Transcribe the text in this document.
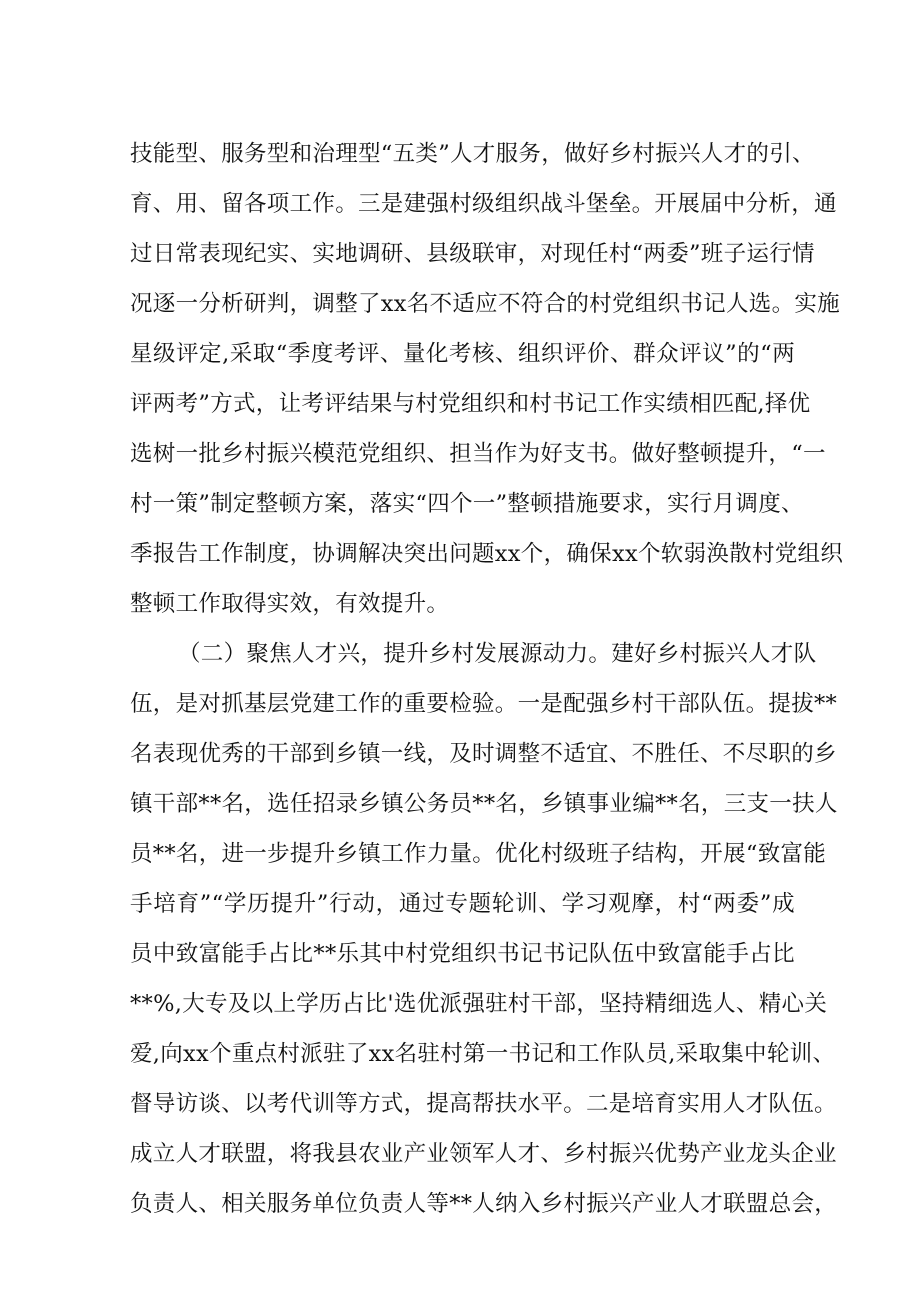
技能型、服务型和治理型“五类”人才服务，做好乡村振兴人才的引、
育、用、留各项工作。三是建强村级组织战斗堡垒。开展届中分析，通
过日常表现纪实、实地调研、县级联审，对现任村“两委”班子运行情
况逐一分析研判，调整了xx名不适应不符合的村党组织书记人选。实施
星级评定,采取“季度考评、量化考核、组织评价、群众评议”的“两
评两考”方式，让考评结果与村党组织和村书记工作实绩相匹配,择优
选树一批乡村振兴模范党组织、担当作为好支书。做好整顿提升，“一
村一策”制定整顿方案，落实“四个一”整顿措施要求，实行月调度、
季报告工作制度，协调解决突出问题xx个，确保xx个软弱涣散村党组织
整顿工作取得实效，有效提升。
（二）聚焦人才兴，提升乡村发展源动力。建好乡村振兴人才队
伍，是对抓基层党建工作的重要检验。一是配强乡村干部队伍。提拔**
名表现优秀的干部到乡镇一线，及时调整不适宜、不胜任、不尽职的乡
镇干部**名，选任招录乡镇公务员**名，乡镇事业编**名，三支一扶人
员**名，进一步提升乡镇工作力量。优化村级班子结构，开展“致富能
手培育”“学历提升”行动，通过专题轮训、学习观摩，村“两委”成
员中致富能手占比**乐其中村党组织书记书记队伍中致富能手占比
**%,大专及以上学历占比'选优派强驻村干部，坚持精细选人、精心关
爱,向xx个重点村派驻了xx名驻村第一书记和工作队员,采取集中轮训、
督导访谈、以考代训等方式，提高帮扶水平。二是培育实用人才队伍。
成立人才联盟，将我县农业产业领军人才、乡村振兴优势产业龙头企业
负责人、相关服务单位负责人等**人纳入乡村振兴产业人才联盟总会，
